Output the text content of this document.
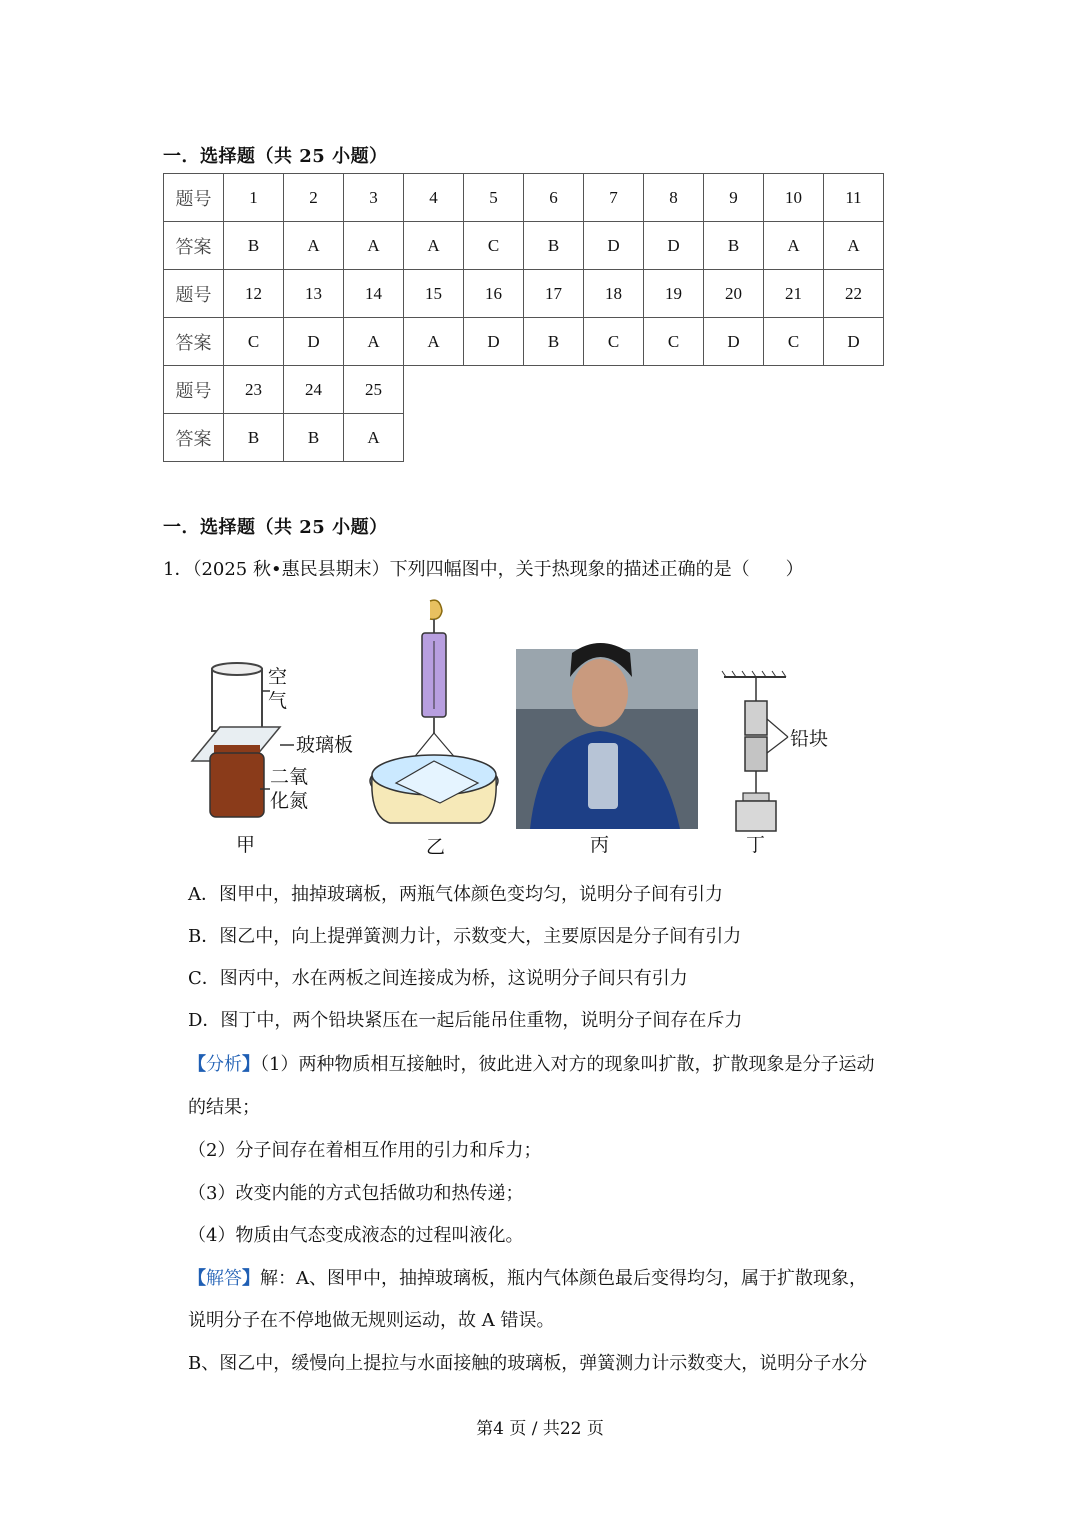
一．选择题（共 25 小题）
题号	1	2	3	4	5	6	7	8	9	10	11
答案	B	A	A	A	C	B	D	D	B	A	A
题号	12	13	14	15	16	17	18	19	20	21	22
答案	C	D	A	A	D	B	C	C	D	C	D
题号	23	24	25								
答案	B	B	A								
一．选择题（共 25 小题）
1．（2025 秋•惠民县期末）下列四幅图中，关于热现象的描述正确的是（　　）
空
气
玻璃板
二氧
化氮
甲	乙	丙
铅块
丁
A．图甲中，抽掉玻璃板，两瓶气体颜色变均匀，说明分子间有引力
B．图乙中，向上提弹簧测力计，示数变大，主要原因是分子间有引力
C．图丙中，水在两板之间连接成为桥，这说明分子间只有引力
D．图丁中，两个铅块紧压在一起后能吊住重物，说明分子间存在斥力
【分析】（1）两种物质相互接触时，彼此进入对方的现象叫扩散，扩散现象是分子运动
的结果；
（2）分子间存在着相互作用的引力和斥力；
（3）改变内能的方式包括做功和热传递；
（4）物质由气态变成液态的过程叫液化。
【解答】解：A、图甲中，抽掉玻璃板，瓶内气体颜色最后变得均匀，属于扩散现象，
说明分子在不停地做无规则运动，故 A 错误。
B、图乙中，缓慢向上提拉与水面接触的玻璃板，弹簧测力计示数变大，说明分子水分
第4 页 / 共22 页
